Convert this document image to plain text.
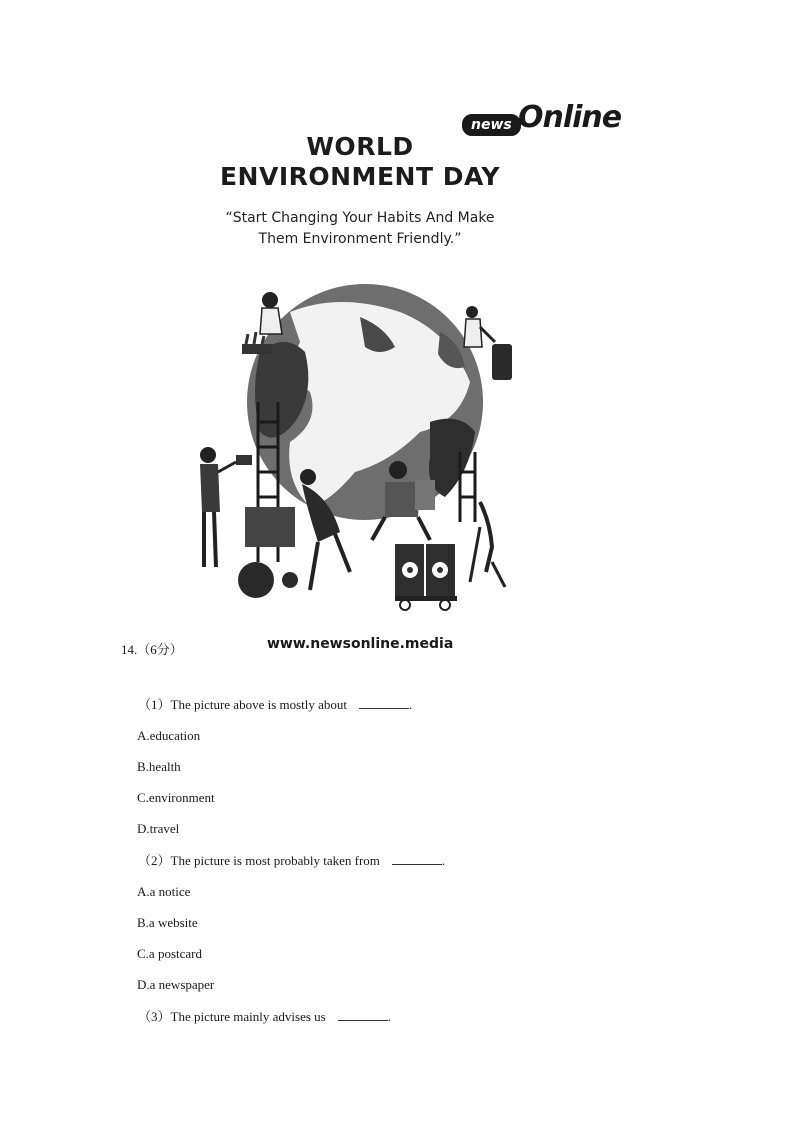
news Online
WORLD
ENVIRONMENT DAY
“Start Changing Your Habits And Make
Them Environment Friendly.”
www.newsonline.media
14.（6分）
（1）The picture above is mostly about	.
A.education
B.health
C.environment
D.travel
（2）The picture is most probably taken from	.
A.a notice
B.a website
C.a postcard
D.a newspaper
（3）The picture mainly advises us	.
